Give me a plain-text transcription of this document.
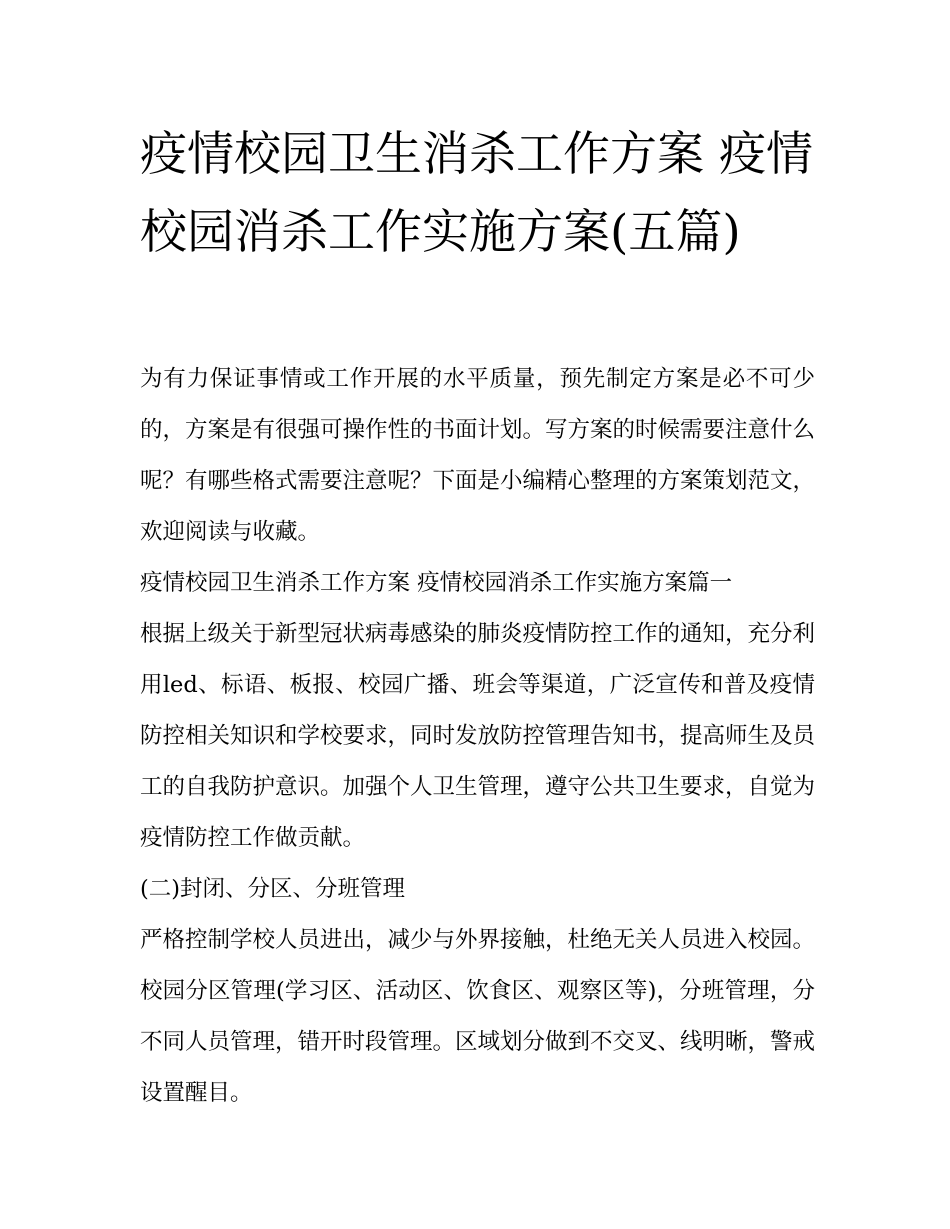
疫情校园卫生消杀工作方案 疫情校园消杀工作实施方案(五篇)

为有力保证事情或工作开展的水平质量，预先制定方案是必不可少的，方案是有很强可操作性的书面计划。写方案的时候需要注意什么呢？有哪些格式需要注意呢？下面是小编精心整理的方案策划范文，欢迎阅读与收藏。

疫情校园卫生消杀工作方案 疫情校园消杀工作实施方案篇一

根据上级关于新型冠状病毒感染的肺炎疫情防控工作的通知，充分利用led、标语、板报、校园广播、班会等渠道，广泛宣传和普及疫情防控相关知识和学校要求，同时发放防控管理告知书，提高师生及员工的自我防护意识。加强个人卫生管理，遵守公共卫生要求，自觉为疫情防控工作做贡献。

(二)封闭、分区、分班管理

严格控制学校人员进出，减少与外界接触，杜绝无关人员进入校园。校园分区管理(学习区、活动区、饮食区、观察区等)，分班管理，分不同人员管理，错开时段管理。区域划分做到不交叉、线明晰，警戒设置醒目。
